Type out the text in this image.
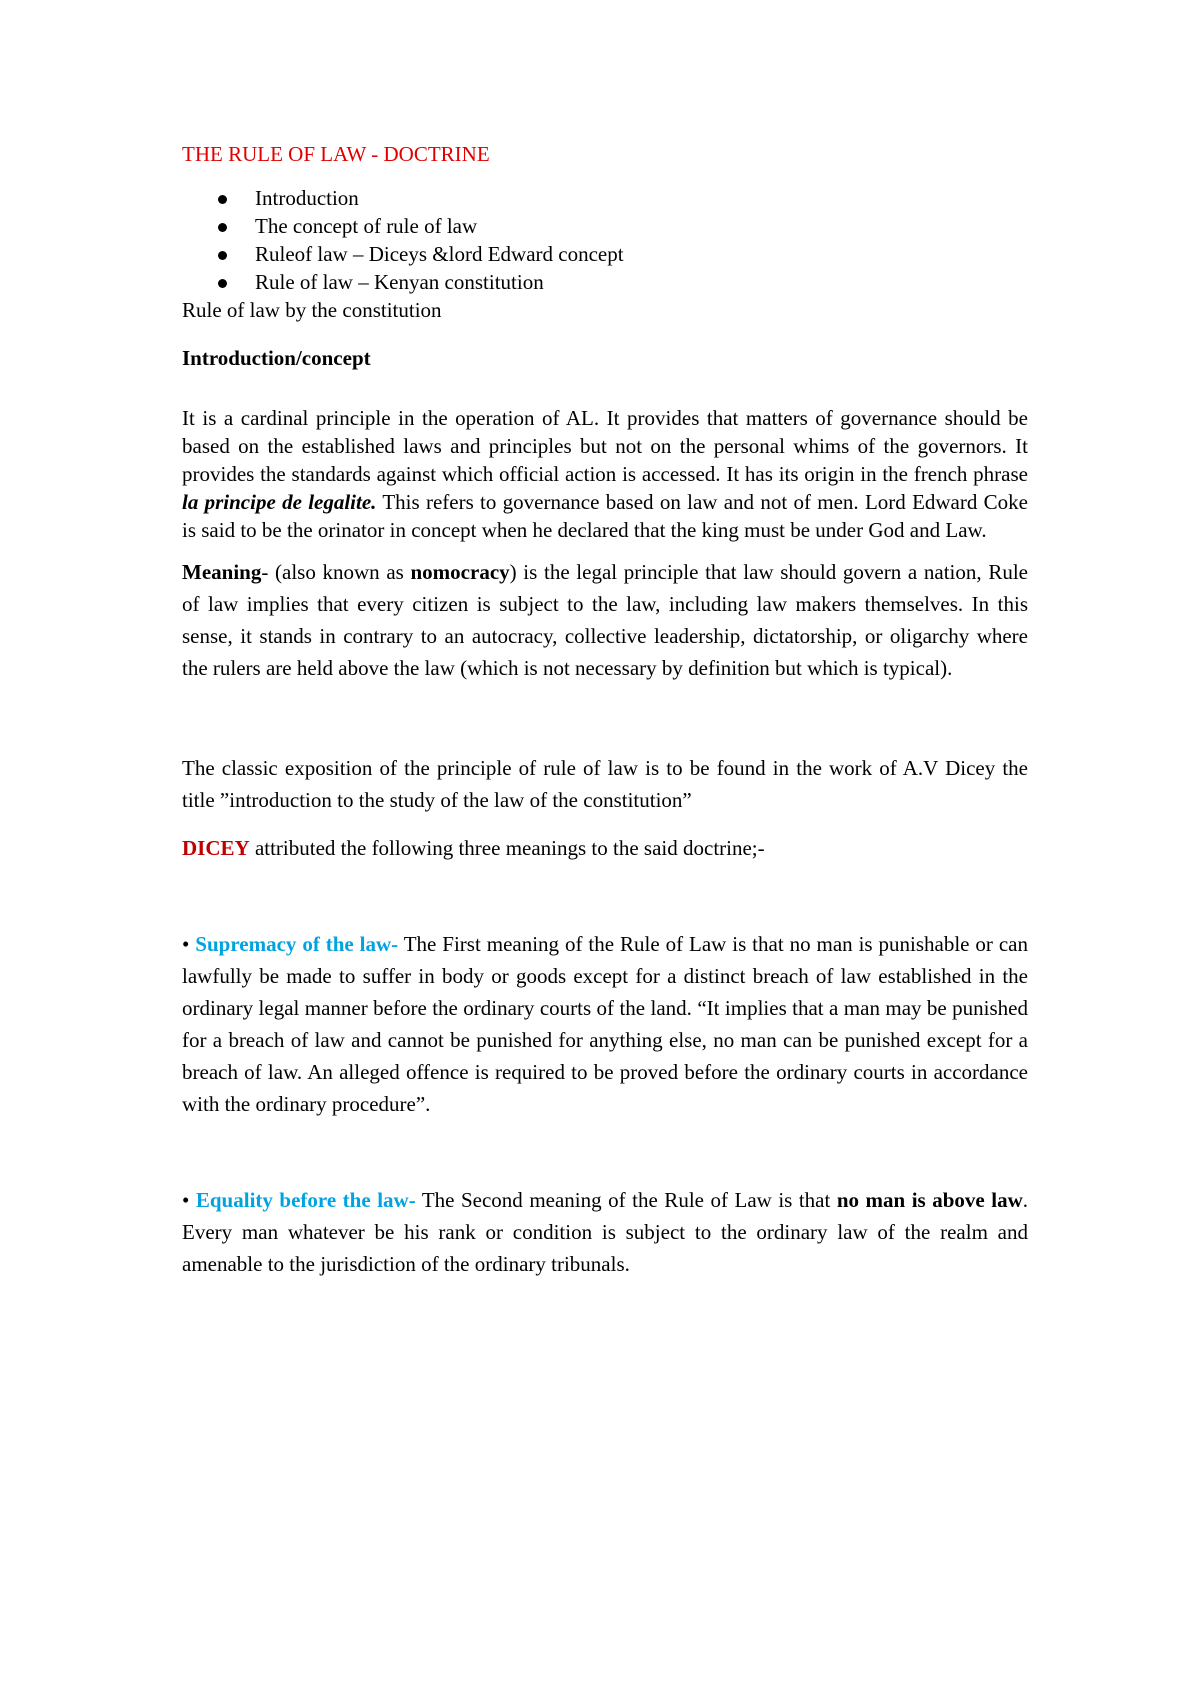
THE RULE OF LAW - DOCTRINE
Introduction
The concept of rule of law
Ruleof law – Diceys &lord Edward concept
Rule of law – Kenyan constitution

Rule of law by the constitution

Introduction/concept

It is a cardinal principle in the operation of AL. It provides that matters of governance should be based on the established laws and principles but not on the personal whims of the governors. It provides the standards against which official action is accessed. It has its origin in the french phrase la principe de legalite. This refers to governance based on law and not of men. Lord Edward Coke is said to be the orinator in concept when he declared that the king must be under God and Law.

Meaning- (also known as nomocracy) is the legal principle that law should govern a nation, Rule of law implies that every citizen is subject to the law, including law makers themselves. In this sense, it stands in contrary to an autocracy, collective leadership, dictatorship, or oligarchy where the rulers are held above the law (which is not necessary by definition but which is typical).

The classic exposition of the principle of rule of law is to be found in the work of A.V Dicey the title ”introduction to the study of the law of the constitution”

DICEY attributed the following three meanings to the said doctrine;-

• Supremacy of the law- The First meaning of the Rule of Law is that no man is punishable or can lawfully be made to suffer in body or goods except for a distinct breach of law established in the ordinary legal manner before the ordinary courts of the land. “It implies that a man may be punished for a breach of law and cannot be punished for anything else, no man can be punished except for a breach of law. An alleged offence is required to be proved before the ordinary courts in accordance with the ordinary procedure”.

• Equality before the law- The Second meaning of the Rule of Law is that no man is above law. Every man whatever be his rank or condition is subject to the ordinary law of the realm and amenable to the jurisdiction of the ordinary tribunals.
